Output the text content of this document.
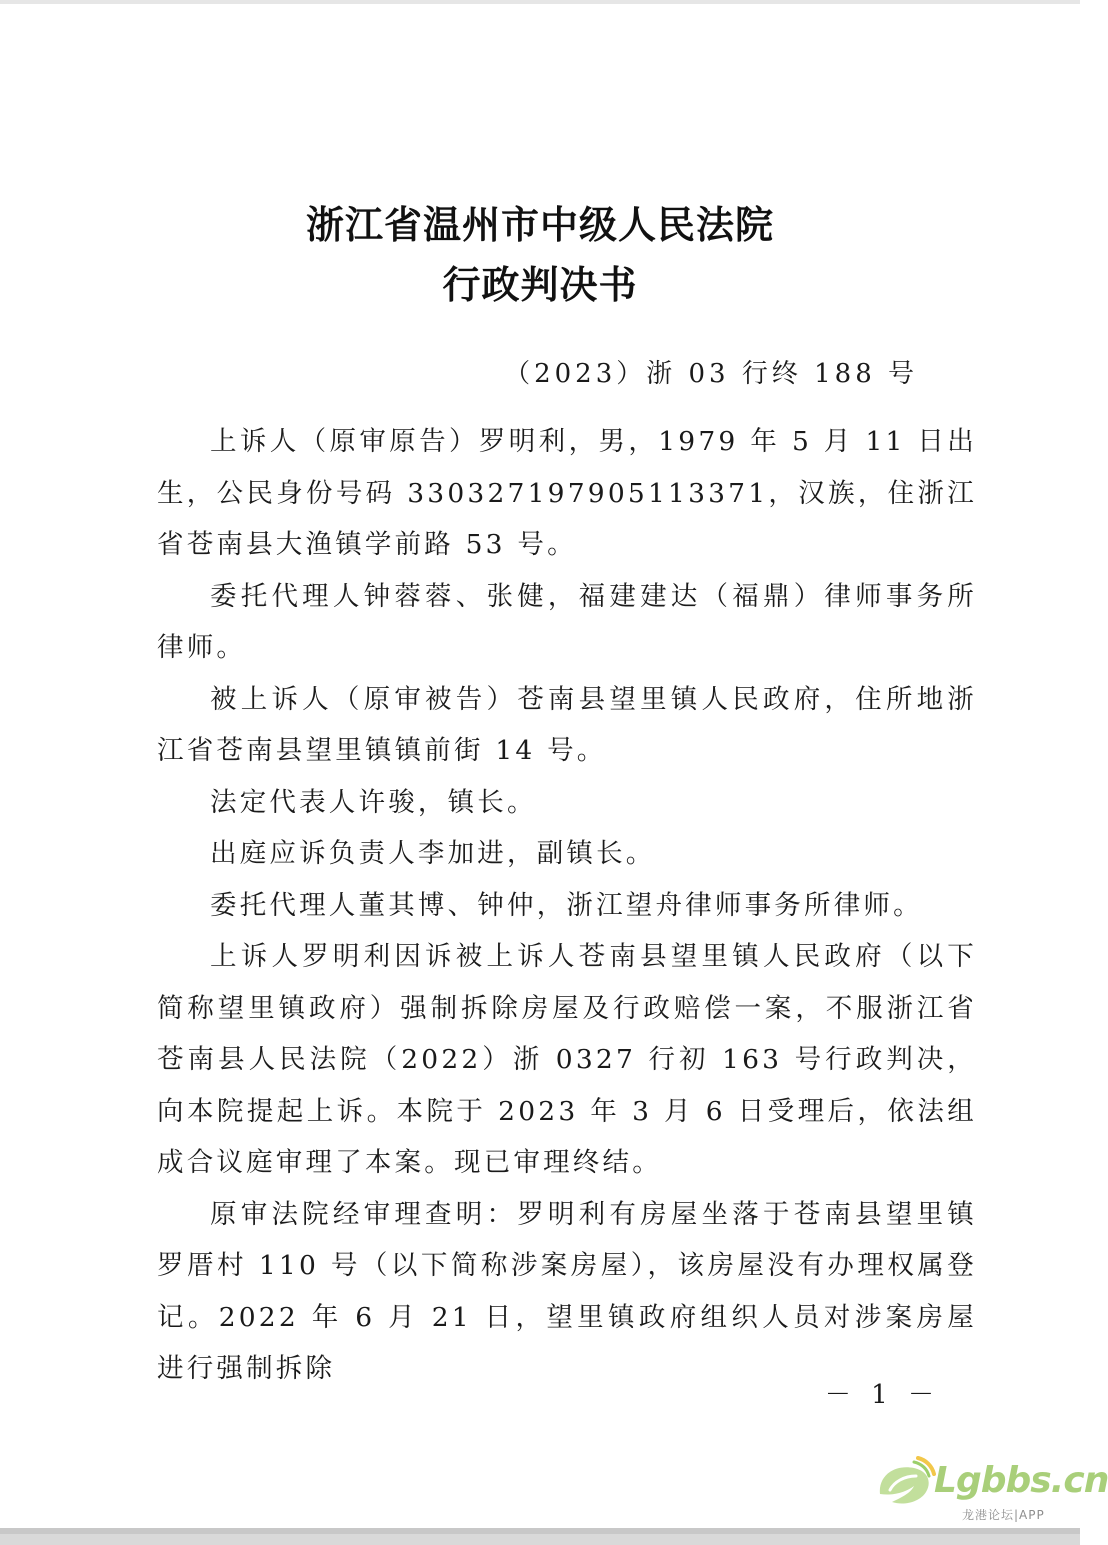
浙江省温州市中级人民法院
行政判决书
（2023）浙 03 行终 188 号

上诉人（原审原告）罗明利，男，1979 年 5 月 11 日出生，公民身份号码 330327197905113371，汉族，住浙江省苍南县大渔镇学前路 53 号。

委托代理人钟蓉蓉、张健，福建建达（福鼎）律师事务所律师。

被上诉人（原审被告）苍南县望里镇人民政府，住所地浙江省苍南县望里镇镇前街 14 号。

法定代表人许骏，镇长。

出庭应诉负责人李加进，副镇长。

委托代理人董其博、钟仲，浙江望舟律师事务所律师。

上诉人罗明利因诉被上诉人苍南县望里镇人民政府（以下简称望里镇政府）强制拆除房屋及行政赔偿一案，不服浙江省苍南县人民法院（2022）浙 0327 行初 163 号行政判决，向本院提起上诉。本院于 2023 年 3 月 6 日受理后，依法组成合议庭审理了本案。现已审理终结。

原审法院经审理查明：罗明利有房屋坐落于苍南县望里镇罗厝村 110 号（以下简称涉案房屋），该房屋没有办理权属登记。2022 年 6 月 21 日，望里镇政府组织人员对涉案房屋进行强制拆除

－ 1 －
Lgbbs.cn
龙港论坛|APP
